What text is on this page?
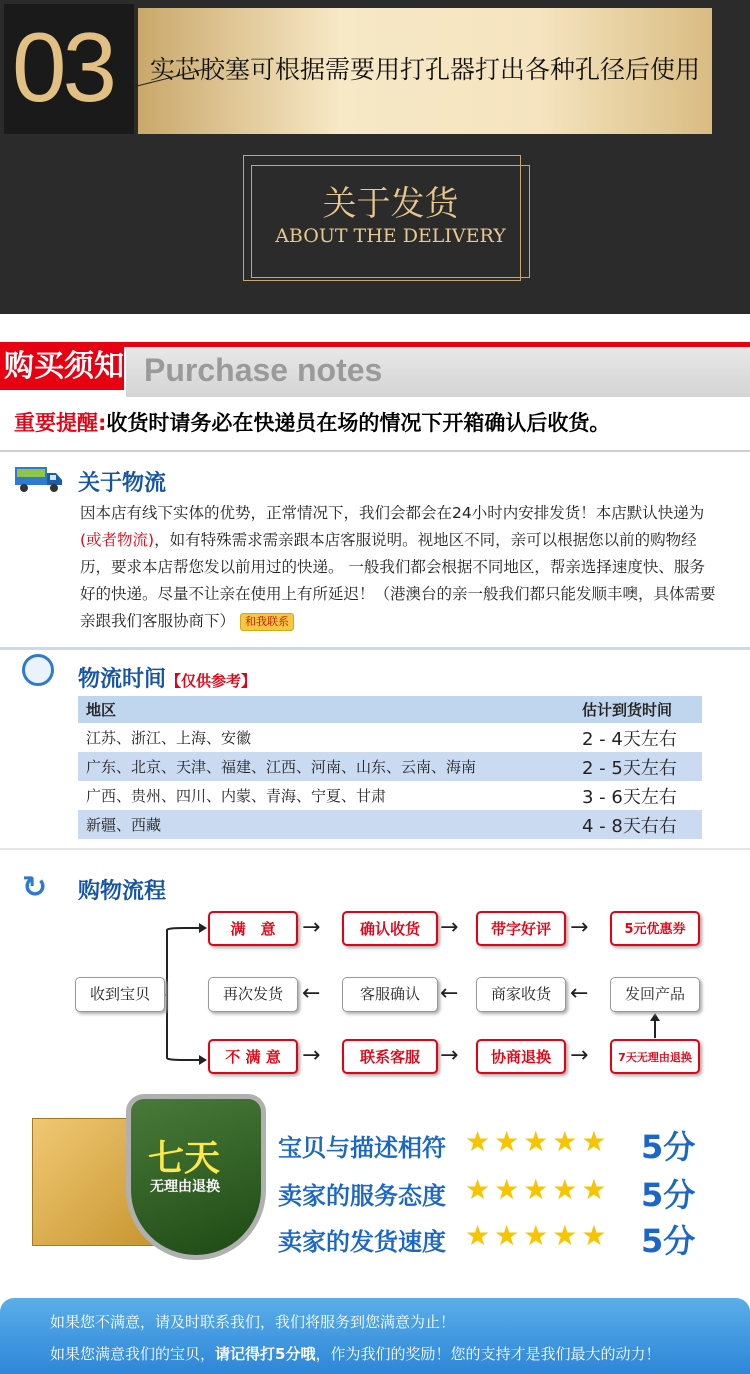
03 实芯胶塞可根据需要用打孔器打出各种孔径后使用
关于发货
ABOUT THE DELIVERY
购买须知 Purchase notes
重要提醒:收货时请务必在快递员在场的情况下开箱确认后收货。
关于物流
因本店有线下实体的优势，正常情况下，我们会都会在24小时内安排发货！本店默认快递为(或者物流)，如有特殊需求需亲跟本店客服说明。视地区不同，亲可以根据您以前的购物经历，要求本店帮您发以前用过的快递。 一般我们都会根据不同地区，帮亲选择速度快、服务好的快递。尽量不让亲在使用上有所延迟！（港澳台的亲一般我们都只能发顺丰噢，具体需要亲跟我们客服协商下） 和我联系
物流时间【仅供参考】
地区	估计到货时间
江苏、浙江、上海、安徽	2 - 4天左右
广东、北京、天津、福建、江西、河南、山东、云南、海南	2 - 5天左右
广西、贵州、四川、内蒙、青海、宁夏、甘肃	3 - 6天左右
新疆、西藏	4 - 8天右右
↻	购物流程
满　意	→	确认收货 →	带字好评 →	5元优惠券
收到宝贝	再次发货 ←	客服确认 ←	商家收货 ←	发回产品
不 满 意 →	联系客服 →	协商退换 →	7天无理由退换
七天
无理由退换
宝贝与描述相符 ★★★★★ 5分
卖家的服务态度 ★★★★★ 5分
卖家的发货速度 ★★★★★ 5分
如果您不满意，请及时联系我们，我们将服务到您满意为止！
如果您满意我们的宝贝，请记得打5分哦，作为我们的奖励！您的支持才是我们最大的动力！
